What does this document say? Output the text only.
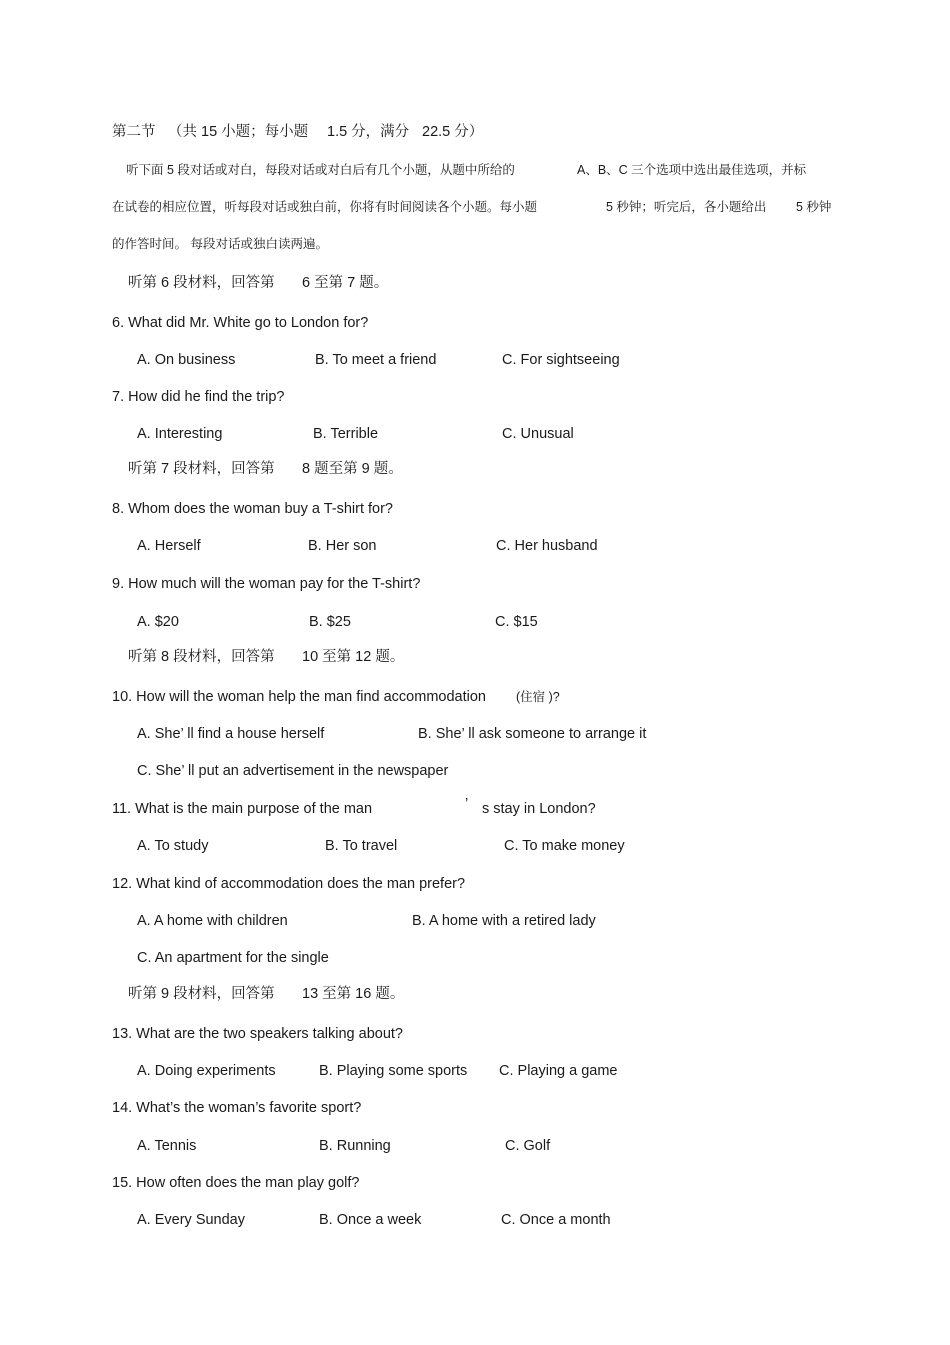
第二节 （共 15 小题；每小题 1.5 分，满分 22.5 分）
听下面 5 段对话或对白，每段对话或对白后有几个小题，从题中所给的	A、B、C 三个选项中选出最佳选项，并标
在试卷的相应位置，听每段对话或独白前，你将有时间阅读各个小题。每小题	5 秒钟；听完后，各小题给出 5 秒钟
的作答时间。 每段对话或独白读两遍。
听第 6 段材料，回答第 6 至第 7 题。
6. What did Mr. White go to London for?
A. On business	B. To meet a friend	C. For sightseeing
7. How did he find the trip?
A. Interesting	B. Terrible	C. Unusual
听第 7 段材料，回答第 8 题至第 9 题。
8. Whom does the woman buy a T-shirt for?
A. Herself	B. Her son	C. Her husband
9. How much will the woman pay for the T-shirt?
A. $20	B. $25	C. $15
听第 8 段材料，回答第 10 至第 12 题。
10. How will the woman help the man find accommodation (住宿 )?
A. She’ ll find a house herself	B. She’ ll ask someone to arrange it
C. She’ ll put an advertisement in the newspaper
11. What is the main purpose of the man	’ s stay in London?
A. To study	B. To travel	C. To make money
12. What kind of accommodation does the man prefer?
A. A home with children	B. A home with a retired lady
C. An apartment for the single
听第 9 段材料，回答第 13 至第 16 题。
13. What are the two speakers talking about?
A. Doing experiments	B. Playing some sports C. Playing a game
14. What’s the woman’s favorite sport?
A. Tennis	B. Running	C. Golf
15. How often does the man play golf?
A. Every Sunday	B. Once a week	C. Once a month
